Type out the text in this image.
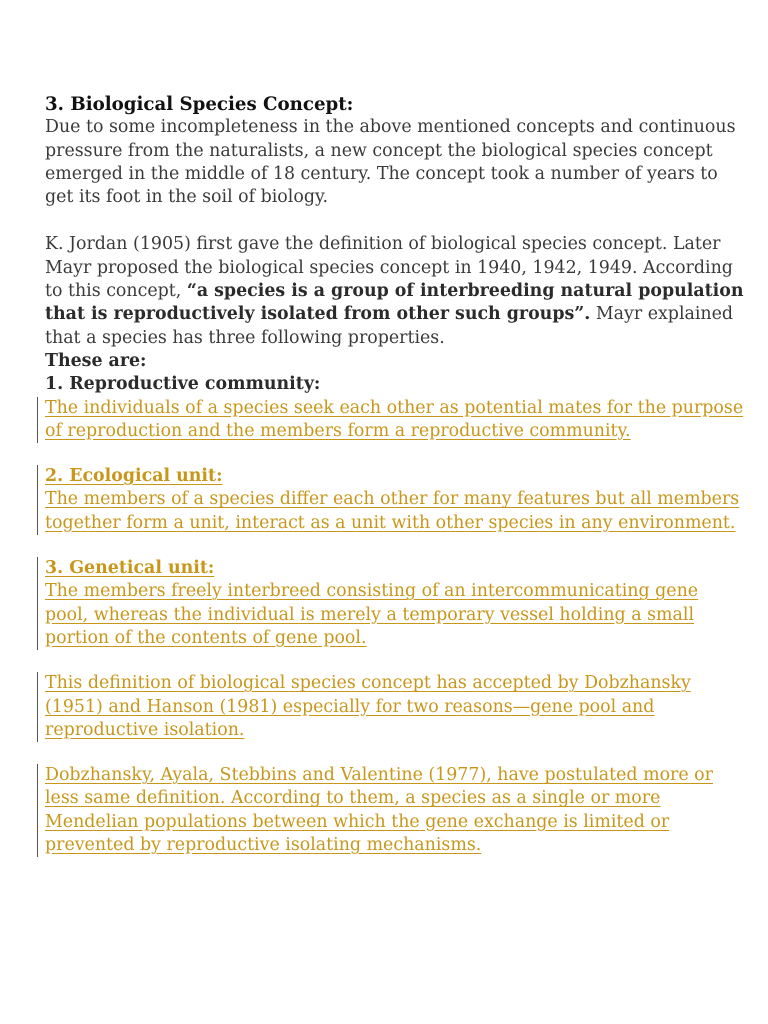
3. Biological Species Concept:

Due to some incompleteness in the above mentioned concepts and continuous pressure from the naturalists, a new concept the biological species concept emerged in the middle of 18 century. The concept took a number of years to get its foot in the soil of biology.

K. Jordan (1905) first gave the definition of biological species concept. Later Mayr proposed the biological species concept in 1940, 1942, 1949. According to this concept, “a species is a group of interbreeding natural population that is reproductively isolated from other such groups”. Mayr explained that a species has three following properties.

These are:
1. Reproductive community:
The individuals of a species seek each other as potential mates for the purpose of reproduction and the members form a reproductive community.
2. Ecological unit:
The members of a species differ each other for many features but all members together form a unit, interact as a unit with other species in any environment.
3. Genetical unit:
The members freely interbreed consisting of an intercommunicating gene pool, whereas the individual is merely a temporary vessel holding a small portion of the contents of gene pool.
This definition of biological species concept has accepted by Dobzhansky (1951) and Hanson (1981) especially for two reasons—gene pool and reproductive isolation.
Dobzhansky, Ayala, Stebbins and Valentine (1977), have postulated more or less same definition. According to them, a species as a single or more Mendelian populations between which the gene exchange is limited or prevented by reproductive isolating mechanisms.
